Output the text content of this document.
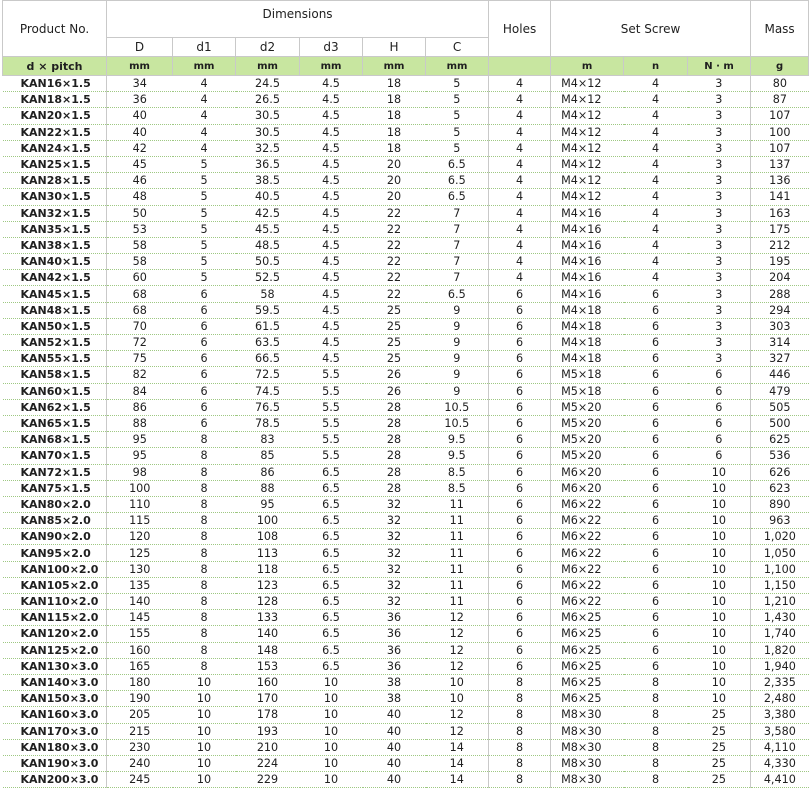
Product No.	Dimensions						Holes	Set Screw			Mass
	D	d1	d2	d3	H	C					
d × pitch	mm	mm	mm	mm	mm	mm		m	n	N · m	g
KAN16×1.5	34	4	24.5	4.5	18	5	4	M4×12	4	3	80
KAN18×1.5	36	4	26.5	4.5	18	5	4	M4×12	4	3	87
KAN20×1.5	40	4	30.5	4.5	18	5	4	M4×12	4	3	107
KAN22×1.5	40	4	30.5	4.5	18	5	4	M4×12	4	3	100
KAN24×1.5	42	4	32.5	4.5	18	5	4	M4×12	4	3	107
KAN25×1.5	45	5	36.5	4.5	20	6.5	4	M4×12	4	3	137
KAN28×1.5	46	5	38.5	4.5	20	6.5	4	M4×12	4	3	136
KAN30×1.5	48	5	40.5	4.5	20	6.5	4	M4×12	4	3	141
KAN32×1.5	50	5	42.5	4.5	22	7	4	M4×16	4	3	163
KAN35×1.5	53	5	45.5	4.5	22	7	4	M4×16	4	3	175
KAN38×1.5	58	5	48.5	4.5	22	7	4	M4×16	4	3	212
KAN40×1.5	58	5	50.5	4.5	22	7	4	M4×16	4	3	195
KAN42×1.5	60	5	52.5	4.5	22	7	4	M4×16	4	3	204
KAN45×1.5	68	6	58	4.5	22	6.5	6	M4×16	6	3	288
KAN48×1.5	68	6	59.5	4.5	25	9	6	M4×18	6	3	294
KAN50×1.5	70	6	61.5	4.5	25	9	6	M4×18	6	3	303
KAN52×1.5	72	6	63.5	4.5	25	9	6	M4×18	6	3	314
KAN55×1.5	75	6	66.5	4.5	25	9	6	M4×18	6	3	327
KAN58×1.5	82	6	72.5	5.5	26	9	6	M5×18	6	6	446
KAN60×1.5	84	6	74.5	5.5	26	9	6	M5×18	6	6	479
KAN62×1.5	86	6	76.5	5.5	28	10.5	6	M5×20	6	6	505
KAN65×1.5	88	6	78.5	5.5	28	10.5	6	M5×20	6	6	500
KAN68×1.5	95	8	83	5.5	28	9.5	6	M5×20	6	6	625
KAN70×1.5	95	8	85	5.5	28	9.5	6	M5×20	6	6	536
KAN72×1.5	98	8	86	6.5	28	8.5	6	M6×20	6	10	626
KAN75×1.5	100	8	88	6.5	28	8.5	6	M6×20	6	10	623
KAN80×2.0	110	8	95	6.5	32	11	6	M6×22	6	10	890
KAN85×2.0	115	8	100	6.5	32	11	6	M6×22	6	10	963
KAN90×2.0	120	8	108	6.5	32	11	6	M6×22	6	10	1,020
KAN95×2.0	125	8	113	6.5	32	11	6	M6×22	6	10	1,050
KAN100×2.0	130	8	118	6.5	32	11	6	M6×22	6	10	1,100
KAN105×2.0	135	8	123	6.5	32	11	6	M6×22	6	10	1,150
KAN110×2.0	140	8	128	6.5	32	11	6	M6×22	6	10	1,210
KAN115×2.0	145	8	133	6.5	36	12	6	M6×25	6	10	1,430
KAN120×2.0	155	8	140	6.5	36	12	6	M6×25	6	10	1,740
KAN125×2.0	160	8	148	6.5	36	12	6	M6×25	6	10	1,820
KAN130×3.0	165	8	153	6.5	36	12	6	M6×25	6	10	1,940
KAN140×3.0	180	10	160	10	38	10	8	M6×25	8	10	2,335
KAN150×3.0	190	10	170	10	38	10	8	M6×25	8	10	2,480
KAN160×3.0	205	10	178	10	40	12	8	M8×30	8	25	3,380
KAN170×3.0	215	10	193	10	40	12	8	M8×30	8	25	3,580
KAN180×3.0	230	10	210	10	40	14	8	M8×30	8	25	4,110
KAN190×3.0	240	10	224	10	40	14	8	M8×30	8	25	4,330
KAN200×3.0	245	10	229	10	40	14	8	M8×30	8	25	4,410
